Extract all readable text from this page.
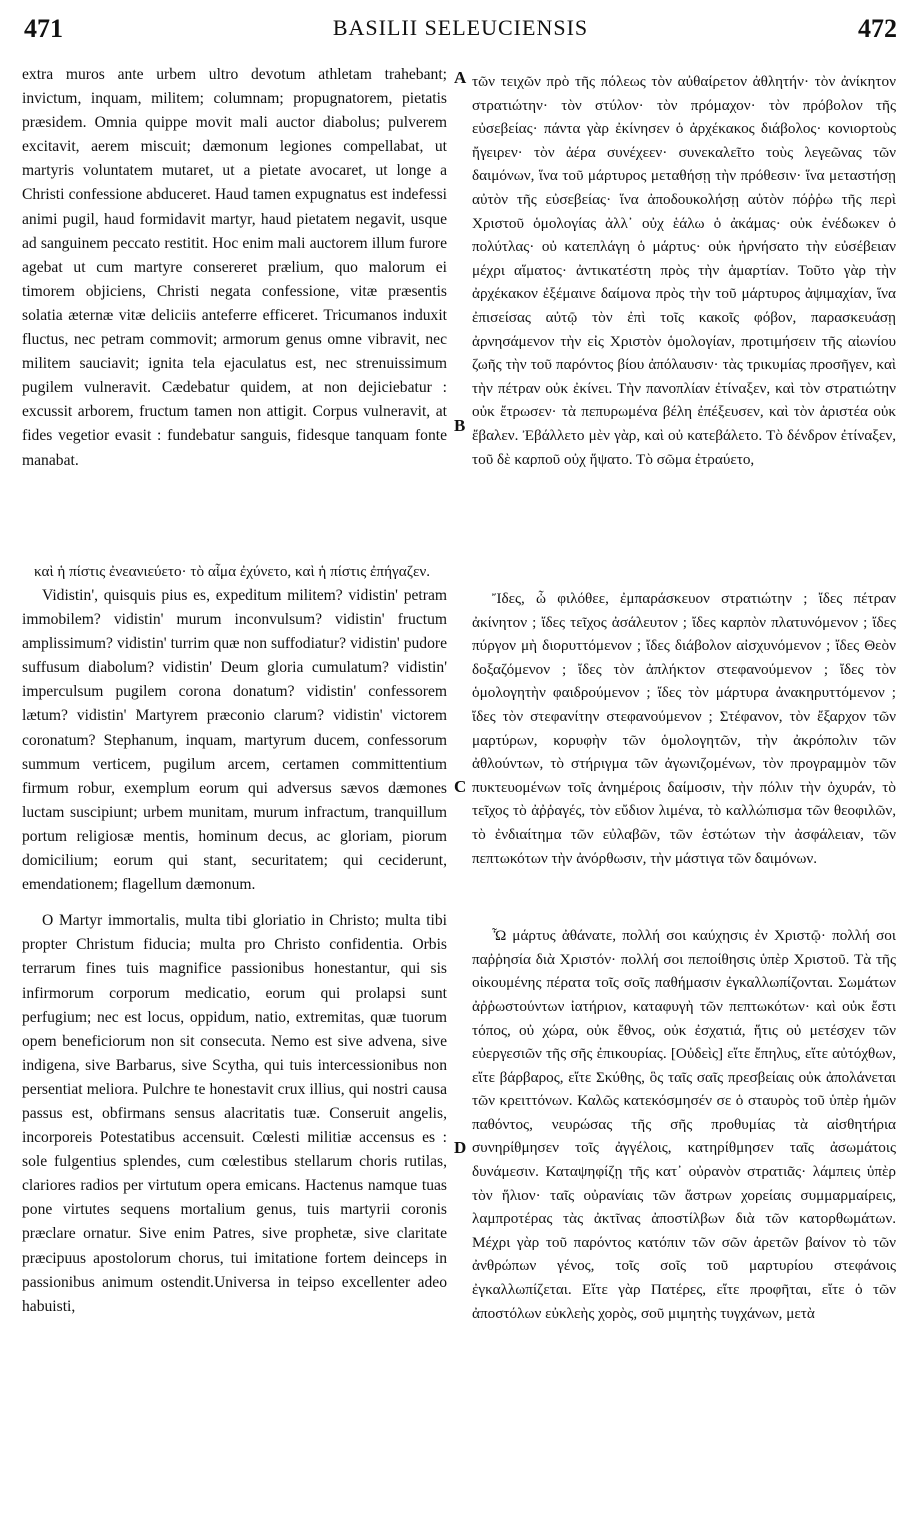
471	BASILII SELEUCIENSIS	472

extra muros ante urbem ultro devotum athletam trahebant; invictum, inquam, militem; columnam; propugnatorem, pietatis præsidem. Omnia quippe movit mali auctor diabolus; pulverem excitavit, aerem miscuit; dæmonum legiones compellabat, ut martyris voluntatem mutaret, ut a pietate avocaret, ut longe a Christi confessione abduceret. Haud tamen expugnatus est indefessi animi pugil, haud formidavit martyr, haud pietatem negavit, usque ad sanguinem peccato restitit. Hoc enim mali auctorem illum furore agebat ut cum martyre consereret prælium, quo malorum ei timorem objiciens, Christi negata confessione, vitæ præsentis solatia æternæ vitæ deliciis anteferre efficeret. Tricumanos induxit fluctus, nec petram commovit; armorum genus omne vibravit, nec militem sauciavit; ignita tela ejaculatus est, nec strenuissimum pugilem vulneravit. Cædebatur quidem, at non dejiciebatur : excussit arborem, fructum tamen non attigit. Corpus vulneravit, at fides vegetior evasit : fundebatur sanguis, fidesque tanquam fonte manabat.

τῶν τειχῶν πρὸ τῆς πόλεως τὸν αὐθαίρετον ἀθλητήν· τὸν ἀνίκητον στρατιώτην· τὸν στύλον· τὸν πρόμαχον· τὸν πρόβολον τῆς εὐσεβείας· πάντα γὰρ ἐκίνησεν ὁ ἀρχέκακος διάβολος· κονιορτοὺς ἤγειρεν· τὸν ἀέρα συνέχεεν· συνεκαλεῖτο τοὺς λεγεῶνας τῶν δαιμόνων, ἵνα τοῦ μάρτυρος μεταθήσῃ τὴν πρόθεσιν· ἵνα μεταστήσῃ αὐτὸν τῆς εὐσεβείας· ἵνα ἀποδουκολήσῃ αὐτὸν πόῤῥω τῆς περὶ Χριστοῦ ὁμολογίας ἀλλ᾽ οὐχ ἑάλω ὁ ἀκάμας· οὐκ ἐνέδωκεν ὁ πολύτλας· οὐ κατεπλάγη ὁ μάρτυς· οὐκ ἠρνήσατο τὴν εὐσέβειαν μέχρι αἵματος· ἀντικατέστη πρὸς τὴν ἁμαρτίαν. Τοῦτο γὰρ τὴν ἀρχέκακον ἐξέμαινε δαίμονα πρὸς τὴν τοῦ μάρτυρος ἀψιμαχίαν, ἵνα ἐπισείσας αὐτῷ τὸν ἐπὶ τοῖς κακοῖς φόβον, παρασκευάσῃ ἀρνησάμενον τὴν εἰς Χριστὸν ὁμολογίαν, προτιμήσειν τῆς αἰωνίου ζωῆς τὴν τοῦ παρόντος βίου ἀπόλαυσιν· τὰς τρικυμίας προσῆγεν, καὶ τὴν πέτραν οὐκ ἐκίνει. Τὴν πανοπλίαν ἐτίναξεν, καὶ τὸν στρατιώτην οὐκ ἔτρωσεν· τὰ πεπυρωμένα βέλη ἐπέξευσεν, καὶ τὸν ἀριστέα οὐκ ἔβαλεν. Ἐβάλλετο μὲν γὰρ, καὶ οὐ κατεβάλετο. Τὸ δένδρον ἐτίναξεν, τοῦ δὲ καρποῦ οὐχ ἥψατο. Τὸ σῶμα ἐτραύετο,

καὶ ἡ πίστις ἐνεανιεύετο· τὸ αἷμα ἐχύνετο, καὶ ἡ πίστις ἐπήγαζεν.

Vidistin', quisquis pius es, expeditum militem? vidistin' petram immobilem? vidistin' murum inconvulsum? vidistin' fructum amplissimum? vidistin' turrim quæ non suffodiatur? vidistin' pudore suffusum diabolum? vidistin' Deum gloria cumulatum? vidistin' imperculsum pugilem corona donatum? vidistin' confessorem lætum? vidistin' Martyrem præconio clarum? vidistin' victorem coronatum? Stephanum, inquam, martyrum ducem, confessorum summum verticem, pugilum arcem, certamen committentium firmum robur, exemplum eorum qui adversus sævos dæmones luctam suscipiunt; urbem munitam, murum infractum, tranquillum portum religiosæ mentis, hominum decus, ac gloriam, piorum domicilium; eorum qui stant, securitatem; qui ceciderunt, emendationem; flagellum dæmonum.

O Martyr immortalis, multa tibi gloriatio in Christo; multa tibi propter Christum fiducia; multa pro Christo confidentia. Orbis terrarum fines tuis magnifice passionibus honestantur, qui sis infirmorum corporum medicatio, eorum qui prolapsi sunt perfugium; nec est locus, oppidum, natio, extremitas, quæ tuorum opem beneficiorum non sit consecuta. Nemo est sive advena, sive indigena, sive Barbarus, sive Scytha, qui tuis intercessionibus non persentiat meliora. Pulchre te honestavit crux illius, qui nostri causa passus est, obfirmans sensus alacritatis tuæ. Conseruit angelis, incorporeis Potestatibus accensuit. Cœlesti militiæ accensus es : sole fulgentius splendes, cum cœlestibus stellarum choris rutilas, clariores radios per virtutum opera emicans. Hactenus namque tuas pone virtutes sequens mortalium genus, tuis martyrii coronis præclare ornatur. Sive enim Patres, sive prophetæ, sive claritate præcipuus apostolorum chorus, tui imitatione fortem deinceps in passionibus animum ostendit.Universa in teipso excellenter adeo habuisti,

Ἴδες, ὦ φιλόθεε, ἐμπαράσκευον στρατιώτην ; ἴδες πέτραν ἀκίνητον ; ἴδες τεῖχος ἀσάλευτον ; ἴδες καρπὸν πλατυνόμενον ; ἴδες πύργον μὴ διορυττόμενον ; ἴδες διάβολον αἰσχυνόμενον ; ἴδες Θεὸν δοξαζόμενον ; ἴδες τὸν ἀπλήκτον στεφανούμενον ; ἴδες τὸν ὁμολογητὴν φαιδρούμενον ; ἴδες τὸν μάρτυρα ἀνακηρυττόμενον ; ἴδες τὸν στεφανίτην στεφανούμενον ; Στέφανον, τὸν ἔξαρχον τῶν μαρτύρων, κορυφὴν τῶν ὁμολογητῶν, τὴν ἀκρόπολιν τῶν ἀθλούντων, τὸ στήριγμα τῶν ἀγωνιζομένων, τὸν προγραμμὸν τῶν πυκτευομένων τοῖς ἀνημέροις δαίμοσιν, τὴν πόλιν τὴν ὀχυράν, τὸ τεῖχος τὸ ἀῤῥαγές, τὸν εὔδιον λιμένα, τὸ καλλώπισμα τῶν θεοφιλῶν, τὸ ἐνδιαίτημα τῶν εὐλαβῶν, τῶν ἑστώτων τὴν ἀσφάλειαν, τῶν πεπτωκότων τὴν ἀνόρθωσιν, τὴν μάστιγα τῶν δαιμόνων.

Ὦ μάρτυς ἀθάνατε, πολλή σοι καύχησις ἐν Χριστῷ· πολλή σοι παῤῥησία διὰ Χριστόν· πολλή σοι πεποίθησις ὑπὲρ Χριστοῦ. Τὰ τῆς οἰκουμένης πέρατα τοῖς σοῖς παθήμασιν ἐγκαλλωπίζονται. Σωμάτων ἀῤῥωστούντων ἰατήριον, καταφυγὴ τῶν πεπτωκότων· καὶ οὐκ ἔστι τόπος, οὐ χώρα, οὐκ ἔθνος, οὐκ ἐσχατιά, ἥτις οὐ μετέσχεν τῶν εὐεργεσιῶν τῆς σῆς ἐπικουρίας. [Οὐδεὶς] εἴτε ἔπηλυς, εἴτε αὐτόχθων, εἴτε βάρβαρος, εἴτε Σκύθης, ὃς ταῖς σαῖς πρεσβείαις οὐκ ἀπολάνεται τῶν κρειττόνων. Καλῶς κατεκόσμησέν σε ὁ σταυρὸς τοῦ ὑπὲρ ἡμῶν παθόντος, νευρώσας τῆς σῆς προθυμίας τὰ αἰσθητήρια συνηρίθμησεν τοῖς ἀγγέλοις, κατηρίθμησεν ταῖς ἀσωμάτοις δυνάμεσιν. Καταψηφίζῃ τῆς κατ᾽ οὐρανὸν στρατιᾶς· λάμπεις ὑπὲρ τὸν ἥλιον· ταῖς οὐρανίαις τῶν ἄστρων χορείαις συμμαρμαίρεις, λαμπροτέρας τὰς ἀκτῖνας ἀποστίλβων διὰ τῶν κατορθωμάτων. Μέχρι γὰρ τοῦ παρόντος κατόπιν τῶν σῶν ἀρετῶν βαίνον τὸ τῶν ἀνθρώπων γένος, τοῖς σοῖς τοῦ μαρτυρίου στεφάνοις ἐγκαλλωπίζεται. Εἴτε γὰρ Πατέρες, εἴτε προφῆται, εἴτε ὁ τῶν ἀποστόλων εὐκλεὴς χορὸς, σοῦ μιμητὴς τυγχάνων, μετὰ

A
B
C
D
